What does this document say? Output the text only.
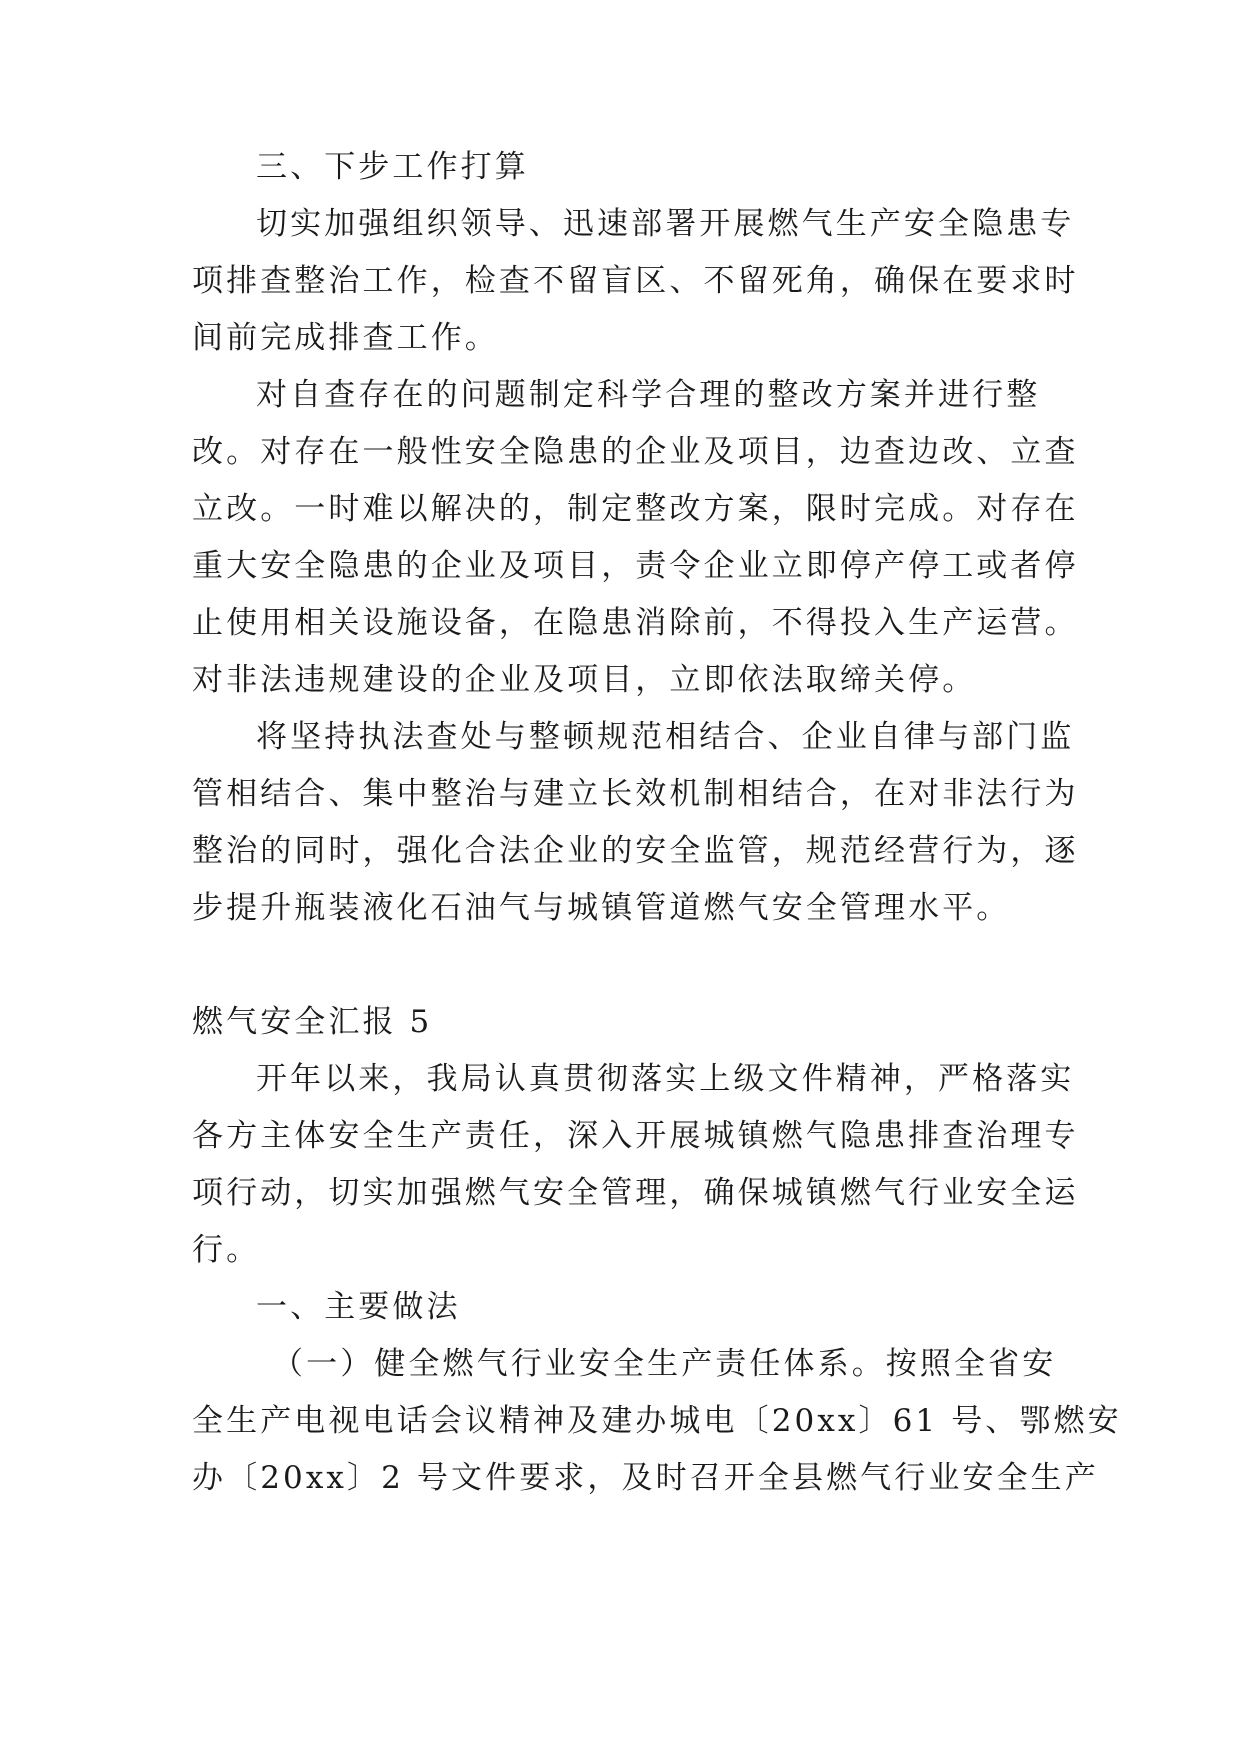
三、下步工作打算
切实加强组织领导、迅速部署开展燃气生产安全隐患专
项排查整治工作，检查不留盲区、不留死角，确保在要求时
间前完成排查工作。
对自查存在的问题制定科学合理的整改方案并进行整
改。对存在一般性安全隐患的企业及项目，边查边改、立查
立改。一时难以解决的，制定整改方案，限时完成。对存在
重大安全隐患的企业及项目，责令企业立即停产停工或者停
止使用相关设施设备，在隐患消除前，不得投入生产运营。
对非法违规建设的企业及项目，立即依法取缔关停。
将坚持执法查处与整顿规范相结合、企业自律与部门监
管相结合、集中整治与建立长效机制相结合，在对非法行为
整治的同时，强化合法企业的安全监管，规范经营行为，逐
步提升瓶装液化石油气与城镇管道燃气安全管理水平。
燃气安全汇报 5
开年以来，我局认真贯彻落实上级文件精神，严格落实
各方主体安全生产责任，深入开展城镇燃气隐患排查治理专
项行动，切实加强燃气安全管理，确保城镇燃气行业安全运
行。
一、主要做法
（一）健全燃气行业安全生产责任体系。按照全省安
全生产电视电话会议精神及建办城电〔20xx〕61 号、鄂燃安
办〔20xx〕2 号文件要求，及时召开全县燃气行业安全生产
